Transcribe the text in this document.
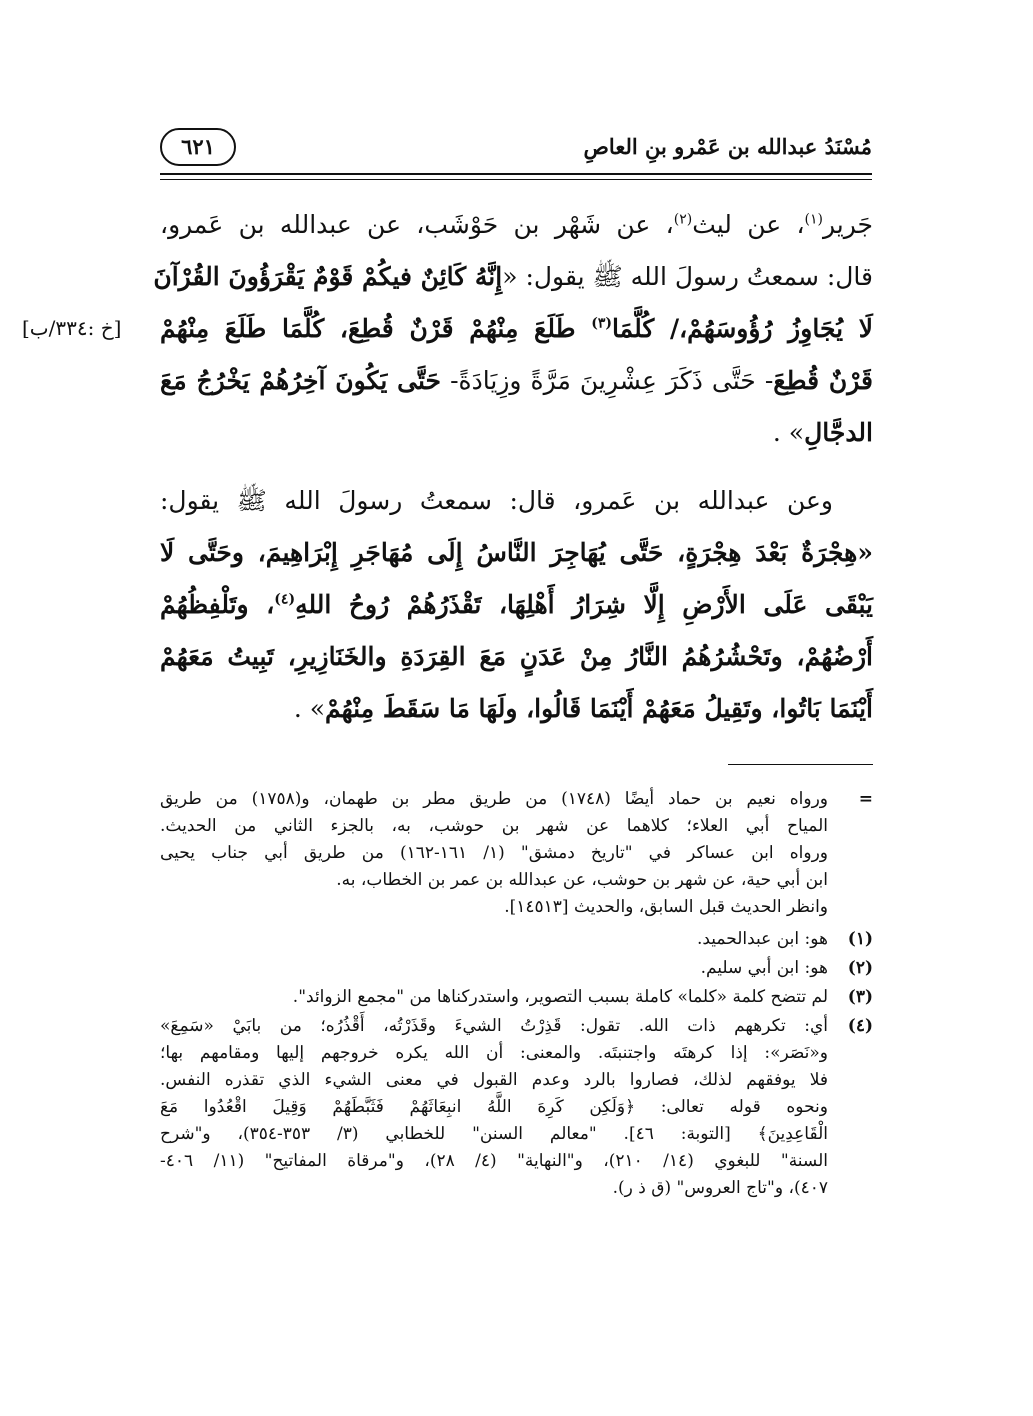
مُسْنَدُ عبدالله بن عَمْرو بنِ العاصِ
٦٢١
جَرير$^{(١)}$، عن ليث$^{(٢)}$، عن شَهْر بن حَوْشَب، عن عبدالله بن عَمرو،
قال: سمعتُ رسولَ الله ﷺ يقول: «إِنَّهُ كَائِنٌ فيكُمْ قَوْمٌ يَقْرَؤُونَ القُرْآنَ
لَا يُجَاوِزُ رُؤُوسَهُمْ،/ كُلَّمَا$^{(٣)}$ طَلَعَ مِنْهُمْ قَرْنٌ قُطِعَ، كُلَّمَا طَلَعَ مِنْهُمْ
[خ :٣٣٤/ب]
قَرْنٌ قُطِعَ- حَتَّى ذَكَرَ عِشْرِينَ مَرَّةً وزِيَادَةً- حَتَّى يَكُونَ آخِرُهُمْ يَخْرُجُ مَعَ
الدجَّالِ» .
وعن عبدالله بن عَمرو، قال: سمعتُ رسولَ الله ﷺ يقول:
«هِجْرَةٌ بَعْدَ هِجْرَةٍ، حَتَّى يُهَاجِرَ النَّاسُ إِلَى مُهَاجَرِ إِبْرَاهِيمَ، وحَتَّى لَا
يَبْقَى عَلَى الأَرْضِ إِلَّا شِرَارُ أَهْلِهَا، تَقْذَرُهُمْ رُوحُ اللهِ$^{(٤)}$، وتَلْفِظُهُمْ
أَرْضُهُمْ، وتَحْشُرُهُمُ النَّارُ مِنْ عَدَنٍ مَعَ القِرَدَةِ والخَنَازِيرِ، تَبِيتُ مَعَهُمْ
أَيْنَمَا بَاتُوا، وتَقِيلُ مَعَهُمْ أَيْنَمَا قَالُوا، ولَهَا مَا سَقَطَ مِنْهُمْ» .
=
ورواه نعيم بن حماد أيضًا (١٧٤٨) من طريق مطر بن طهمان، و(١٧٥٨) من طريق
المياح أبي العلاء؛ كلاهما عن شهر بن حوشب، به، بالجزء الثاني من الحديث.
ورواه ابن عساكر في "تاريخ دمشق" (١/ ١٦١-١٦٢) من طريق أبي جناب يحيى
ابن أبي حية، عن شهر بن حوشب، عن عبدالله بن عمر بن الخطاب، به.
وانظر الحديث قبل السابق، والحديث [١٤٥١٣].
(١)
هو: ابن عبدالحميد.
(٢)
هو: ابن أبي سليم.
(٣)
لم تتضح كلمة «كلما» كاملة بسبب التصوير، واستدركناها من "مجمع الزوائد".
(٤)
أي: تكرههم ذات الله. تقول: قَذِرْتُ الشيءَ وقَذَرْتُه، أَقْذُرُه؛ من بابَيْ «سَمِعَ»
و«نَصَر»: إذا كرهتَه واجتنبتَه. والمعنى: أن الله يكره خروجهم إليها ومقامهم بها؛
فلا يوفقهم لذلك، فصاروا بالرد وعدم القبول في معنى الشيء الذي تقذره النفس.
ونحوه قوله تعالى: ﴿وَلَكِن كَرِهَ اللَّهُ انبِعَاثَهُمْ فَثَبَّطَهُمْ وَقِيلَ اقْعُدُوا مَعَ
الْقَاعِدِينَ﴾ [التوبة: ٤٦]. "معالم السنن" للخطابي (٣/ ٣٥٣-٣٥٤)، و"شرح
السنة" للبغوي (١٤/ ٢١٠)، و"النهاية" (٤/ ٢٨)، و"مرقاة المفاتيح" (١١/ ٤٠٦-
٤٠٧)، و"تاج العروس" (ق ذ ر).
